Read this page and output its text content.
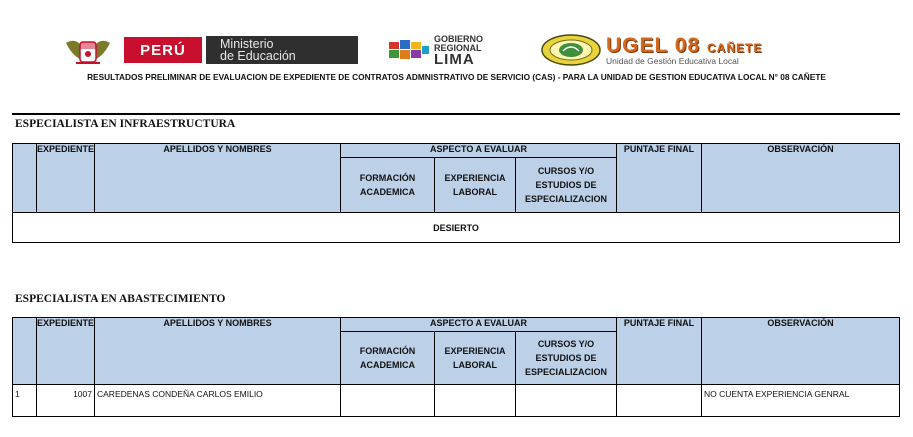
PERÚ	Ministerio
de Educación
GOBIERNO
REGIONAL
LIMA
UGEL 08 CAÑETE
Unidad de Gestión Educativa Local
RESULTADOS PRELIMINAR DE EVALUACION DE EXPEDIENTE DE CONTRATOS ADMNISTRATIVO DE SERVICIO (CAS) - PARA LA UNIDAD DE GESTION EDUCATIVA LOCAL N° 08 CAÑETE
ESPECIALISTA EN INFRAESTRUCTURA
	EXPEDIENTE	APELLIDOS Y NOMBRES	ASPECTO A EVALUAR			PUNTAJE FINAL	OBSERVACIÓN
			FORMACIÓN ACADEMICA	EXPERIENCIA LABORAL	CURSOS Y/O ESTUDIOS DE ESPECIALIZACION		
DESIERTO							
ESPECIALISTA EN ABASTECIMIENTO
	EXPEDIENTE	APELLIDOS Y NOMBRES	ASPECTO A EVALUAR			PUNTAJE FINAL	OBSERVACIÓN
			FORMACIÓN ACADEMICA	EXPERIENCIA LABORAL	CURSOS Y/O ESTUDIOS DE ESPECIALIZACION		
1	1007	CAREDENAS CONDEÑA CARLOS EMILIO					NO CUENTA EXPERIENCIA GENRAL
